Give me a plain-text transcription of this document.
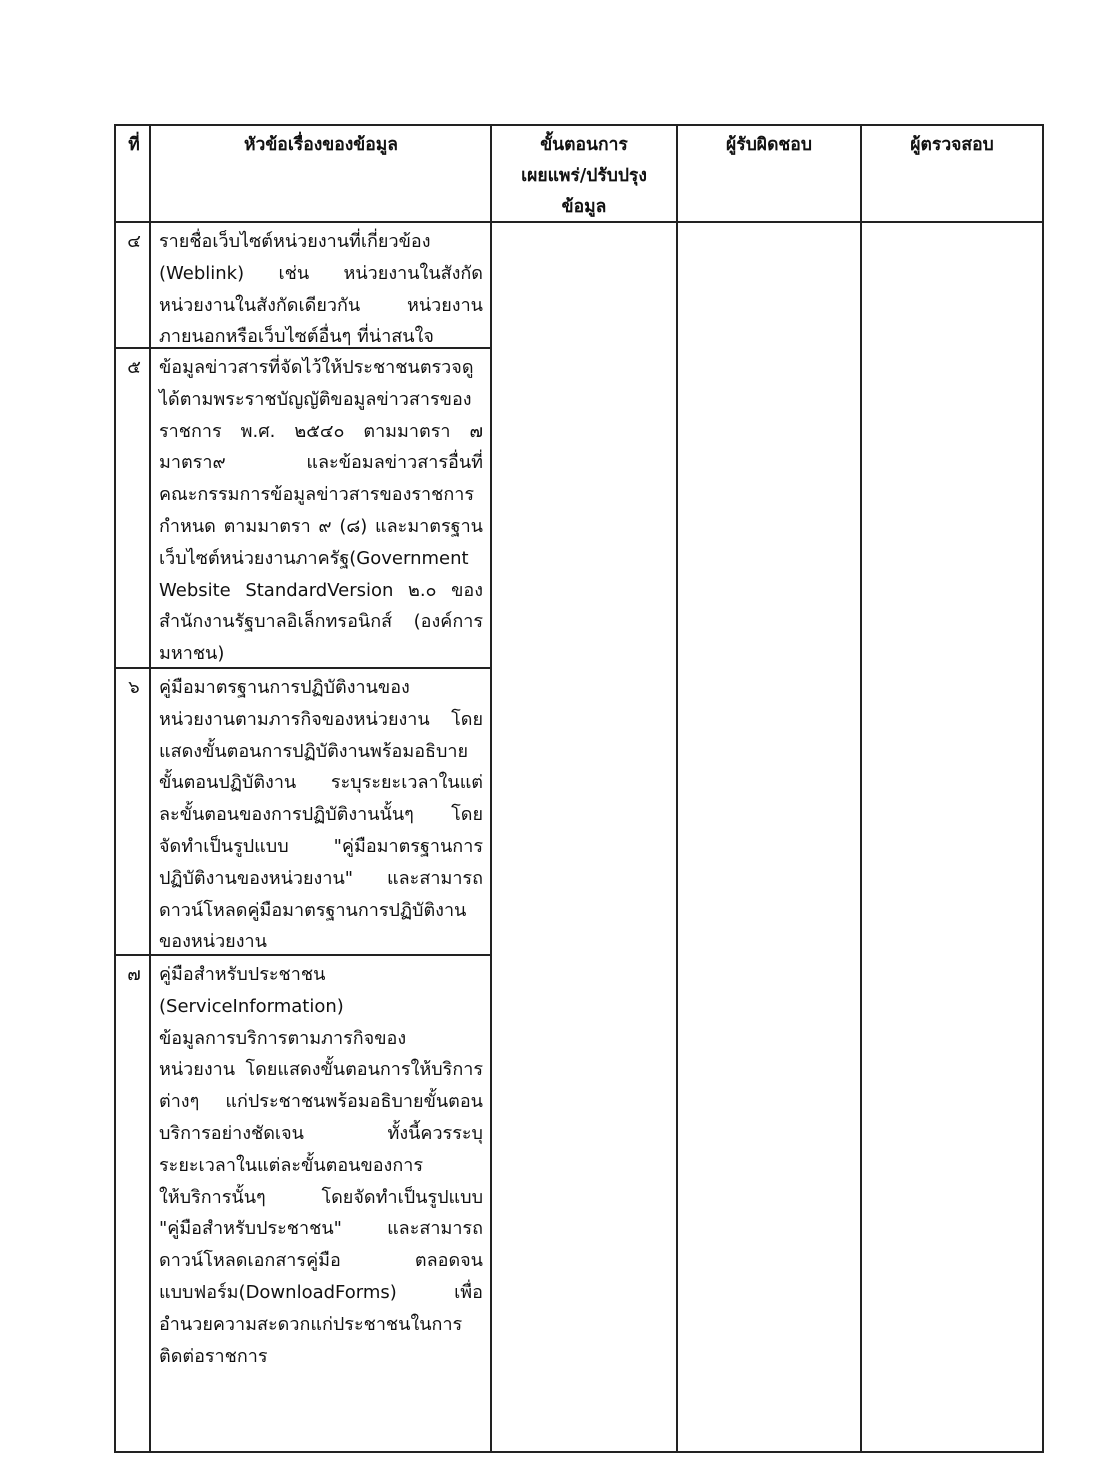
ที่	หัวข้อเรื่องของข้อมูล	ขั้นตอนการ
เผยแพร่/ปรับปรุง
ข้อมูล
ผู้รับผิดชอบ	ผู้ตรวจสอบ
๔	รายชื่อเว็บไซต์หน่วยงานที่เกี่ยวข้อง
(Weblink) เช่น หน่วยงานในสังกัด
หน่วยงานในสังกัดเดียวกัน หน่วยงาน
ภายนอกหรือเว็บไซต์อื่นๆ ที่น่าสนใจ
๕	ข้อมูลข่าวสารที่จัดไว้ให้ประชาชนตรวจดู
ได้ตามพระราชบัญญัติขอมูลข่าวสารของ
ราชการ พ.ศ. ๒๕๔๐ ตามมาตรา ๗
มาตรา๙ และข้อมลข่าวสารอื่นที่
คณะกรรมการข้อมูลข่าวสารของราชการ
กำหนด ตามมาตรา ๙ (๘) และมาตรฐาน
เว็บไซต์หน่วยงานภาครัฐ(Government
Website StandardVersion ๒.๐ ของ
สำนักงานรัฐบาลอิเล็กทรอนิกส์ (องค์การ
มหาชน)
๖	คู่มือมาตรฐานการปฏิบัติงานของ
หน่วยงานตามภารกิจของหน่วยงาน โดย
แสดงขั้นตอนการปฏิบัติงานพร้อมอธิบาย
ขั้นตอนปฏิบัติงาน ระบุระยะเวลาในแต่
ละขั้นตอนของการปฏิบัติงานนั้นๆ โดย
จัดทำเป็นรูปแบบ "คู่มือมาตรฐานการ
ปฏิบัติงานของหน่วยงาน" และสามารถ
ดาวน์โหลดคู่มือมาตรฐานการปฏิบัติงาน
ของหน่วยงาน
๗	คู่มือสำหรับประชาชน
(ServiceInformation)
ข้อมูลการบริการตามภารกิจของ
หน่วยงาน โดยแสดงขั้นตอนการให้บริการ
ต่างๆ แก่ประชาชนพร้อมอธิบายขั้นตอน
บริการอย่างชัดเจน ทั้งนี้ควรระบุ
ระยะเวลาในแต่ละขั้นตอนของการ
ให้บริการนั้นๆ โดยจัดทำเป็นรูปแบบ
"คู่มือสำหรับประชาชน" และสามารถ
ดาวน์โหลดเอกสารคู่มือ ตลอดจน
แบบฟอร์ม(DownloadForms) เพื่อ
อำนวยความสะดวกแก่ประชาชนในการ
ติดต่อราชการ
